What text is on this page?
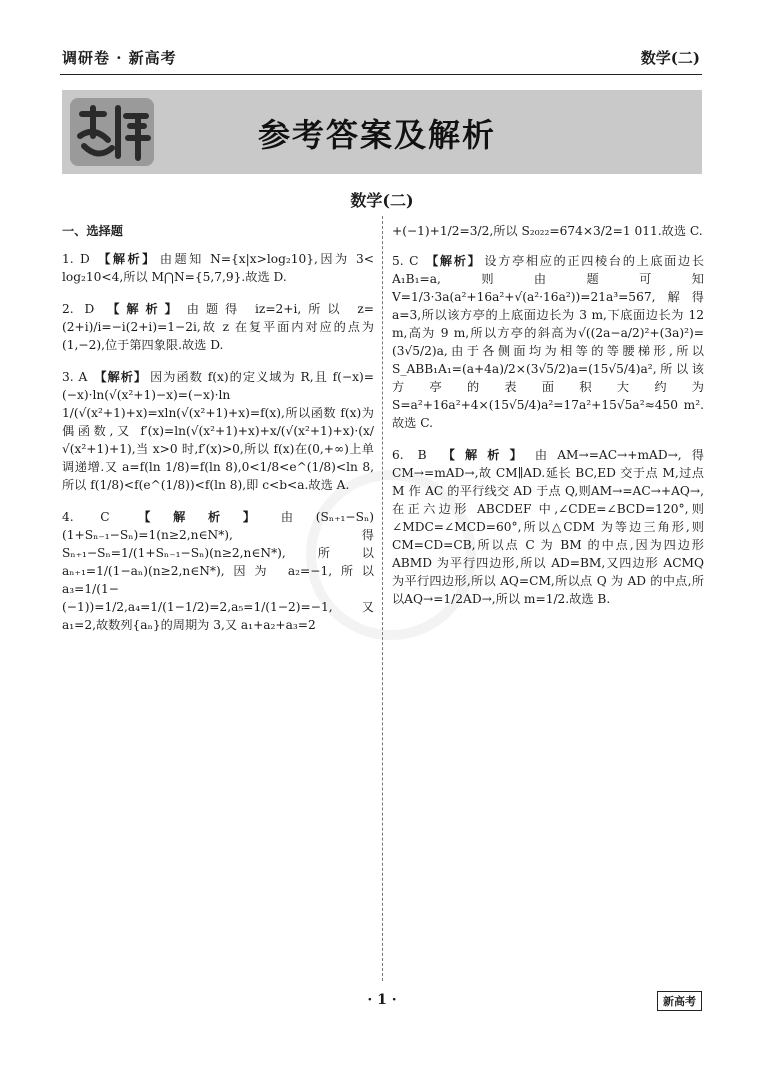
调研卷 · 新高考	数学(二)
参考答案及解析
数学(二)
一、选择题
1. D 【解析】 由题知 N={x|x>log₂10},因为 3< log₂10<4,所以 M⋂N={5,7,9}.故选 D.
2. D 【解析】 由题得 iz=2+i,所以 z=(2+i)/i=−i(2+i)=1−2i,故 z 在复平面内对应的点为(1,−2),位于第四象限.故选 D.
3. A 【解析】 因为函数 f(x)的定义域为 R,且 f(−x)=(−x)·ln(√(x²+1)−x)=(−x)·ln 1/(√(x²+1)+x)=xln(√(x²+1)+x)=f(x),所以函数 f(x)为偶函数,又 f′(x)=ln(√(x²+1)+x)+x/(√(x²+1)+x)·(x/√(x²+1)+1),当 x>0 时,f′(x)>0,所以 f(x)在(0,+∞)上单调递增.又 a=f(ln 1/8)=f(ln 8),0<1/8<e^(1/8)<ln 8,所以 f(1/8)<f(e^(1/8))<f(ln 8),即 c<b<a.故选 A.
4. C 【解析】 由(Sₙ₊₁−Sₙ)(1+Sₙ₋₁−Sₙ)=1(n≥2,n∈N*),得 Sₙ₊₁−Sₙ=1/(1+Sₙ₋₁−Sₙ)(n≥2,n∈N*),所以 aₙ₊₁=1/(1−aₙ)(n≥2,n∈N*),因为 a₂=−1,所以 a₃=1/(1−(−1))=1/2,a₄=1/(1−1/2)=2,a₅=1/(1−2)=−1,又 a₁=2,故数列{aₙ}的周期为 3,又 a₁+a₂+a₃=2
+(−1)+1/2=3/2,所以 S₂₀₂₂=674×3/2=1 011.故选 C.
5. C 【解析】 设方亭相应的正四棱台的上底面边长 A₁B₁=a,则由题可知 V=1/3·3a(a²+16a²+√(a²·16a²))=21a³=567,解得 a=3,所以该方亭的上底面边长为 3 m,下底面边长为 12 m,高为 9 m,所以方亭的斜高为√((2a−a/2)²+(3a)²)=(3√5/2)a,由于各侧面均为相等的等腰梯形,所以 S_ABB₁A₁=(a+4a)/2×(3√5/2)a=(15√5/4)a²,所以该方亭的表面积大约为 S=a²+16a²+4×(15√5/4)a²=17a²+15√5a²≈450 m².故选 C.
6. B 【解析】 由AM→=AC→+mAD→,得CM→=mAD→,故 CM∥AD.延长 BC,ED 交于点 M,过点 M 作 AC 的平行线交 AD 于点 Q,则AM→=AC→+AQ→,在正六边形 ABCDEF 中,∠CDE=∠BCD=120°,则∠MDC=∠MCD=60°,所以△CDM 为等边三角形,则 CM=CD=CB,所以点 C 为 BM 的中点,因为四边形 ABMD 为平行四边形,所以 AD=BM,又四边形 ACMQ 为平行四边形,所以 AQ=CM,所以点 Q 为 AD 的中点,所以AQ→=1/2AD→,所以 m=1/2.故选 B.
· 1 ·	新高考
